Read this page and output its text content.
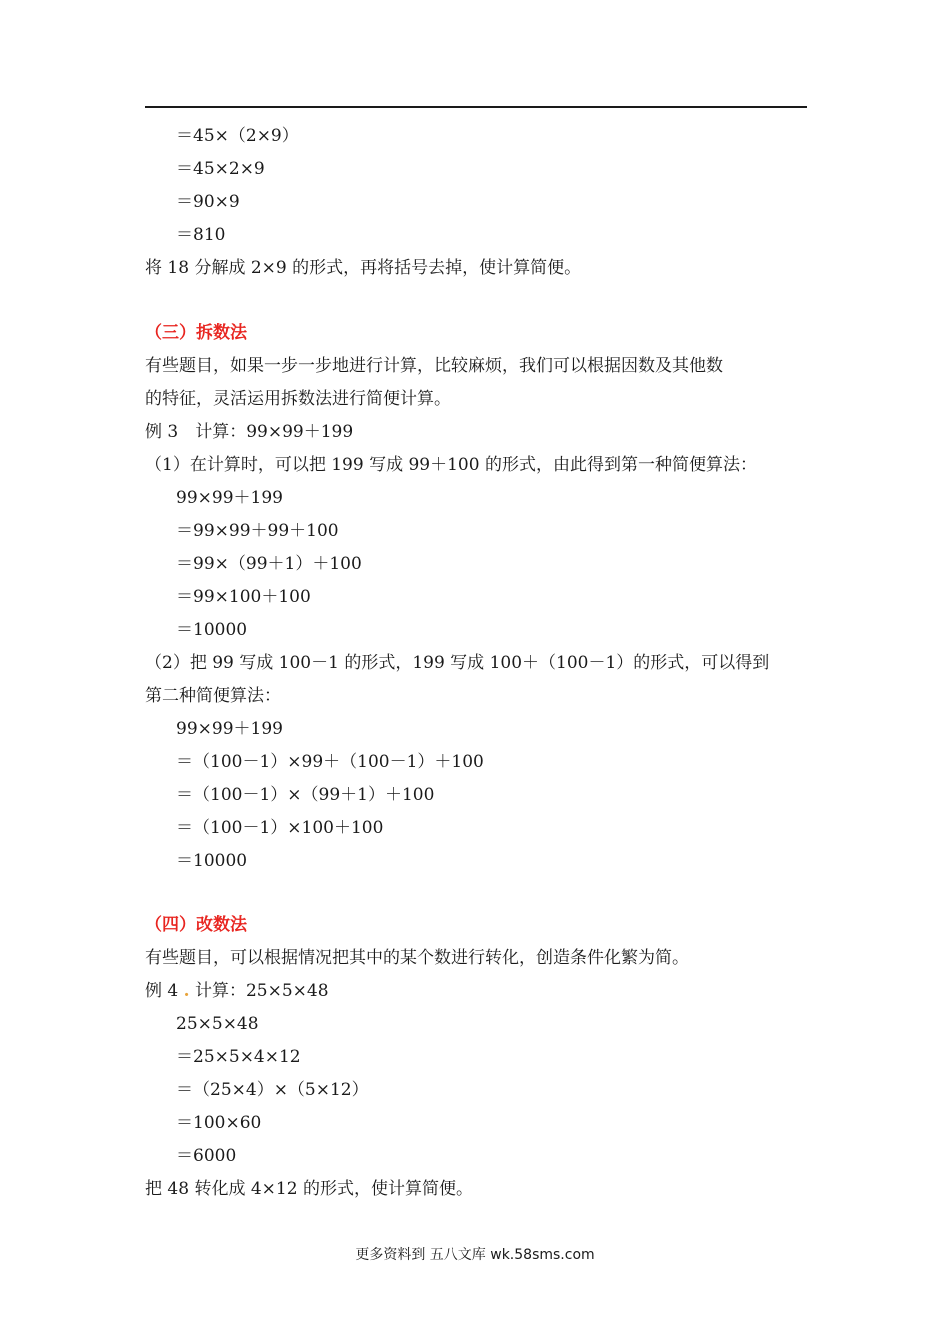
＝45×（2×9）
＝45×2×9
＝90×9
＝810
将 18 分解成 2×9 的形式，再将括号去掉，使计算简便。
（三）拆数法
有些题目，如果一步一步地进行计算，比较麻烦，我们可以根据因数及其他数
的特征，灵活运用拆数法进行简便计算。
例 3　计算：99×99＋199
（1）在计算时，可以把 199 写成 99＋100 的形式，由此得到第一种简便算法：
99×99＋199
＝99×99＋99＋100
＝99×（99＋1）＋100
＝99×100＋100
＝10000
（2）把 99 写成 100－1 的形式，199 写成 100＋（100－1）的形式，可以得到
第二种简便算法：
99×99＋199
＝（100－1）×99＋（100－1）＋100
＝（100－1）×（99＋1）＋100
＝（100－1）×100＋100
＝10000
（四）改数法
有些题目，可以根据情况把其中的某个数进行转化，创造条件化繁为简。
例 4 . 计算：25×5×48
25×5×48
＝25×5×4×12
＝（25×4）×（5×12）
＝100×60
＝6000
把 48 转化成 4×12 的形式，使计算简便。
更多资料到 五八文库 wk.58sms.com
